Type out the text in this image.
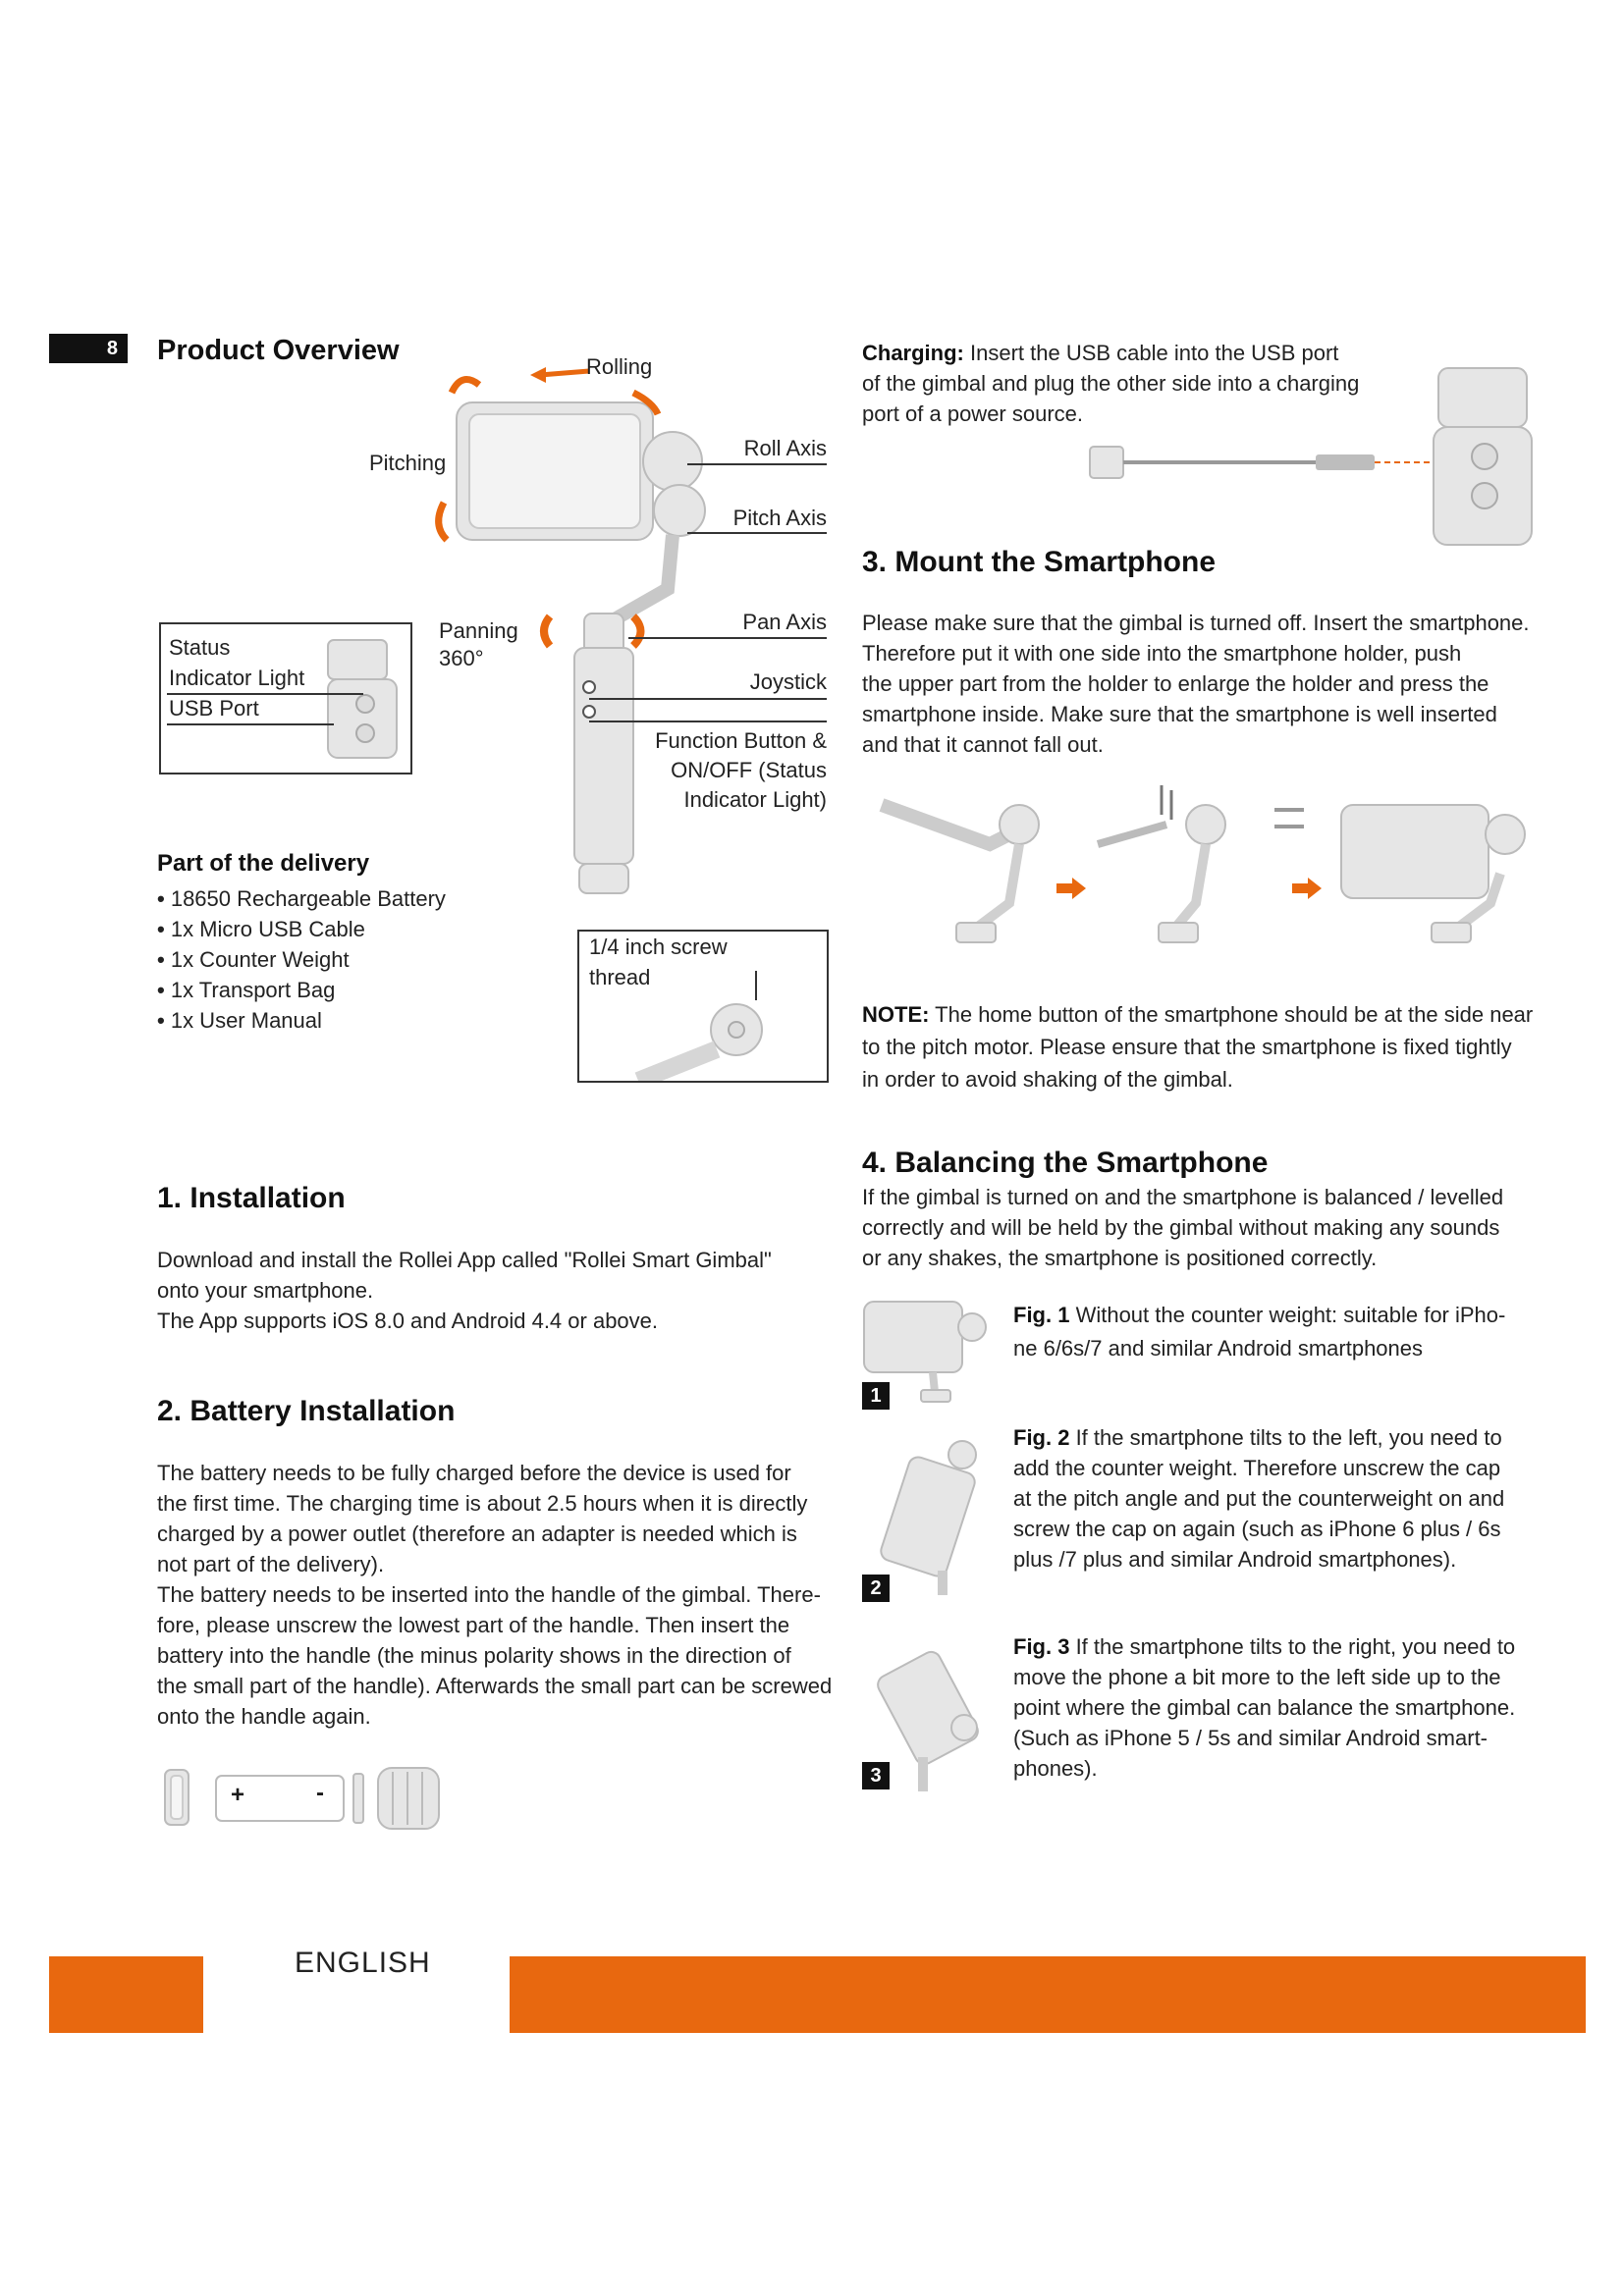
8	Product Overview
Rolling
Pitching
Roll Axis
Pitch Axis
Panning
360°
Pan Axis
Joystick
Function Button &
ON/OFF (Status
Indicator Light)
Status
Indicator Light
USB Port
Part of the delivery
• 18650 Rechargeable Battery
• 1x Micro USB Cable
• 1x Counter Weight
• 1x Transport Bag
• 1x User Manual
1/4 inch screw
thread
1. Installation
Download and install the Rollei App called "Rollei Smart Gimbal"
onto your smartphone.
The App supports iOS 8.0 and Android 4.4 or above.
2. Battery Installation
The battery needs to be fully charged before the device is used for
the first time. The charging time is about 2.5 hours when it is directly
charged by a power outlet (therefore an adapter is needed which is
not part of the delivery).
The battery needs to be inserted into the handle of the gimbal. There-
fore, please unscrew the lowest part of the handle. Then insert the
battery into the handle (the minus polarity shows in the direction of
the small part of the handle). Afterwards the small part can be screwed
onto the handle again.
+	-
Charging: Insert the USB cable into the USB port
of the gimbal and plug the other side into a charging
port of a power source.
3. Mount the Smartphone
Please make sure that the gimbal is turned off. Insert the smartphone.
Therefore put it with one side into the smartphone holder, push
the upper part from the holder to enlarge the holder and press the
smartphone inside. Make sure that the smartphone is well inserted
and that it cannot fall out.
NOTE: The home button of the smartphone should be at the side near
to the pitch motor. Please ensure that the smartphone is fixed tightly
in order to avoid shaking of the gimbal.
4. Balancing the Smartphone
If the gimbal is turned on and the smartphone is balanced / levelled
correctly and will be held by the gimbal without making any sounds
or any shakes, the smartphone is positioned correctly.
1
Fig. 1 Without the counter weight: suitable for iPho-
ne 6/6s/7 and similar Android smartphones
2
Fig. 2 If the smartphone tilts to the left, you need to
add the counter weight. Therefore unscrew the cap
at the pitch angle and put the counterweight on and
screw the cap on again (such as iPhone 6 plus / 6s
plus /7 plus and similar Android smartphones).
3
Fig. 3 If the smartphone tilts to the right, you need to
move the phone a bit more to the left side up to the
point where the gimbal can balance the smartphone.
(Such as iPhone 5 / 5s and similar Android smart-
phones).
ENGLISH
